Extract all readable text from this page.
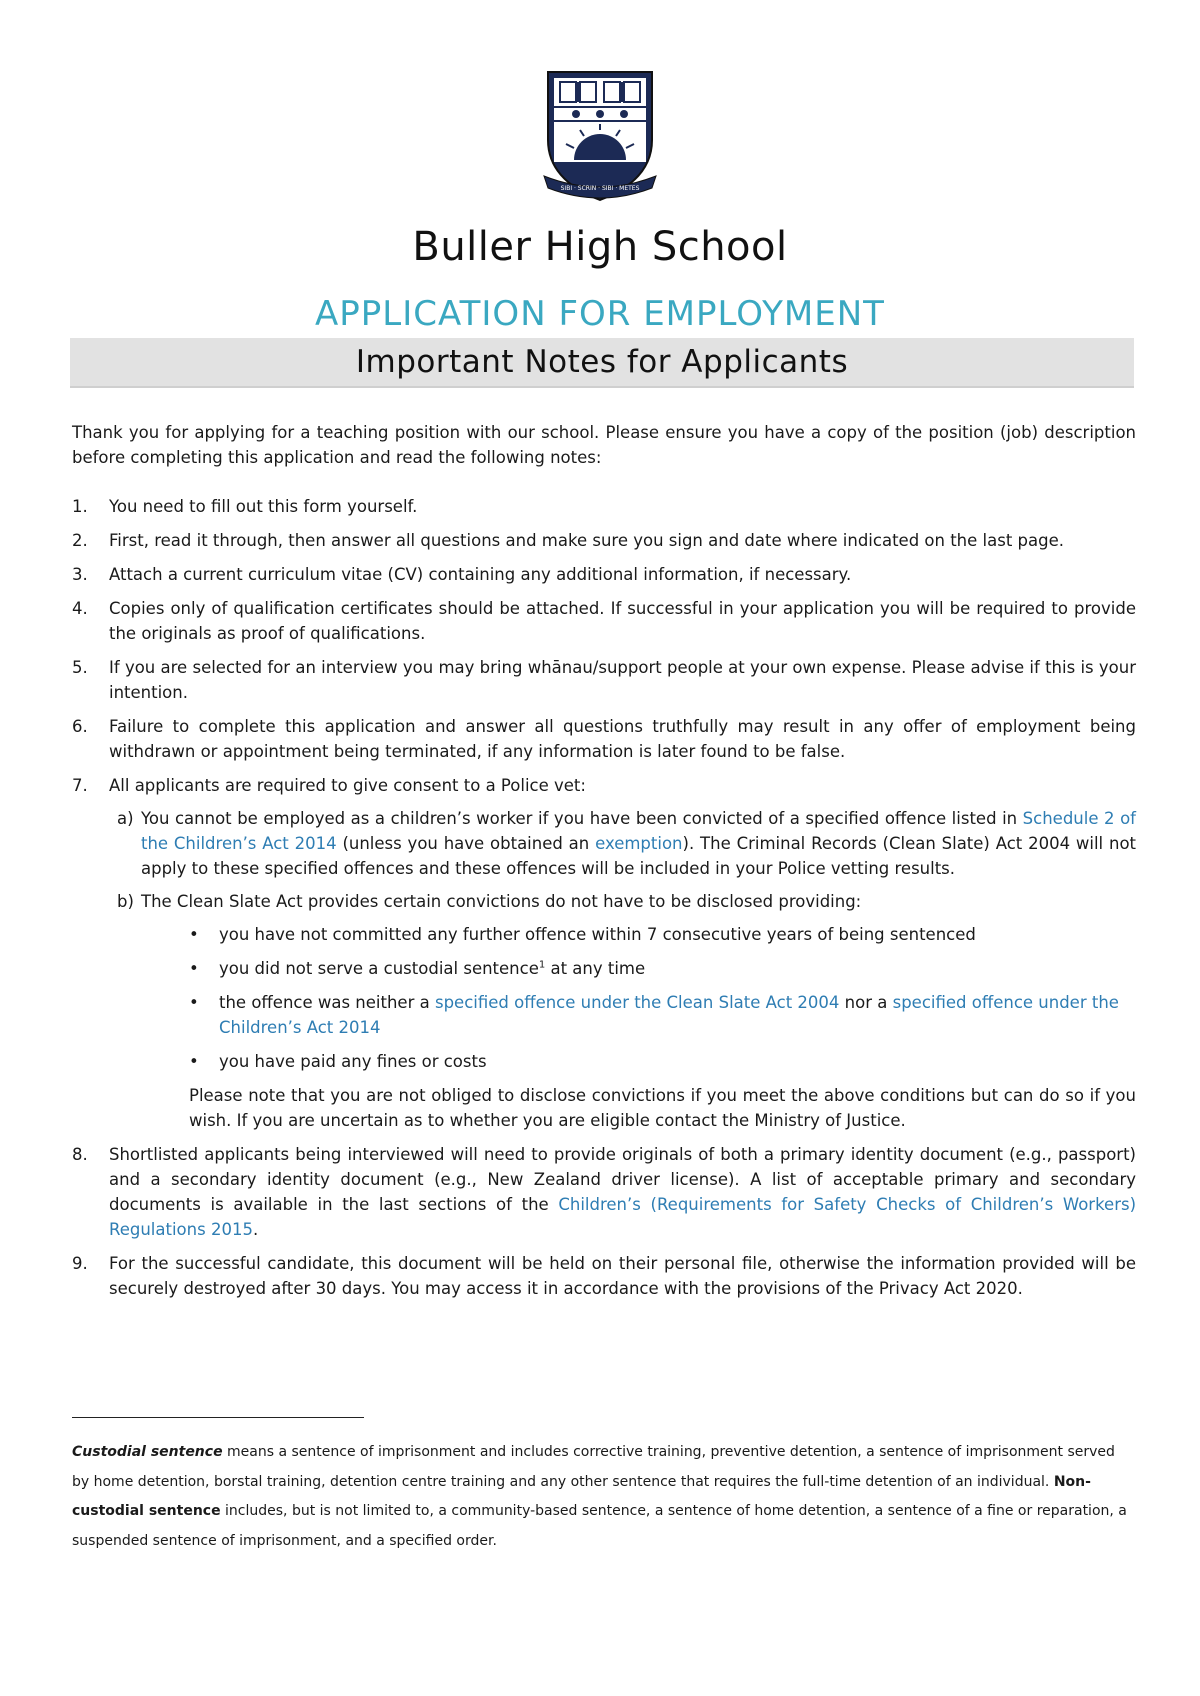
SIBI · SCRIN · SIBI · METES
Buller High School
APPLICATION FOR EMPLOYMENT
Important Notes for Applicants
Thank you for applying for a teaching position with our school. Please ensure you have a copy of the position (job) description before completing this application and read the following notes:
1. You need to fill out this form yourself.
2. First, read it through, then answer all questions and make sure you sign and date where indicated on the last page.
3. Attach a current curriculum vitae (CV) containing any additional information, if necessary.
4. Copies only of qualification certificates should be attached. If successful in your application you will be required to provide the originals as proof of qualifications.
5. If you are selected for an interview you may bring whānau/support people at your own expense. Please advise if this is your intention.
6. Failure to complete this application and answer all questions truthfully may result in any offer of employment being withdrawn or appointment being terminated, if any information is later found to be false.
7. All applicants are required to give consent to a Police vet:
a) You cannot be employed as a children’s worker if you have been convicted of a specified offence listed in Schedule 2 of the Children’s Act 2014 (unless you have obtained an exemption). The Criminal Records (Clean Slate) Act 2004 will not apply to these specified offences and these offences will be included in your Police vetting results.
b) The Clean Slate Act provides certain convictions do not have to be disclosed providing:
• you have not committed any further offence within 7 consecutive years of being sentenced
• you did not serve a custodial sentence$^1$ at any time
• the offence was neither a specified offence under the Clean Slate Act 2004 nor a specified offence under the Children’s Act 2014
• you have paid any fines or costs
Please note that you are not obliged to disclose convictions if you meet the above conditions but can do so if you wish. If you are uncertain as to whether you are eligible contact the Ministry of Justice.
8. Shortlisted applicants being interviewed will need to provide originals of both a primary identity document (e.g., passport) and a secondary identity document (e.g., New Zealand driver license). A list of acceptable primary and secondary documents is available in the last sections of the Children’s (Requirements for Safety Checks of Children’s Workers) Regulations 2015.
9. For the successful candidate, this document will be held on their personal file, otherwise the information provided will be securely destroyed after 30 days. You may access it in accordance with the provisions of the Privacy Act 2020.
Custodial sentence means a sentence of imprisonment and includes corrective training, preventive detention, a sentence of imprisonment served by home detention, borstal training, detention centre training and any other sentence that requires the full-time detention of an individual. Non-custodial sentence includes, but is not limited to, a community-based sentence, a sentence of home detention, a sentence of a fine or reparation, a suspended sentence of imprisonment, and a specified order.
